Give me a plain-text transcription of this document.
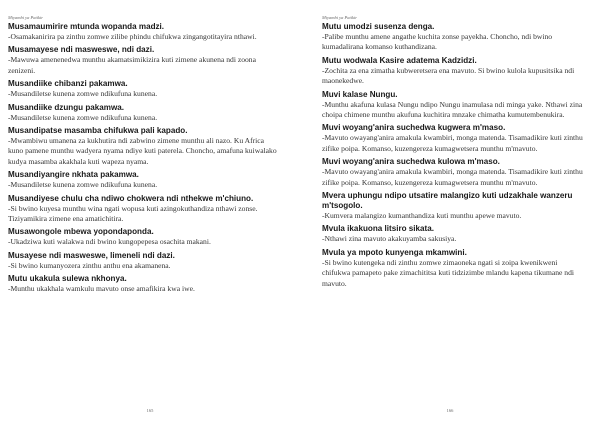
Miyambi ya Patikir
Musamaumirire mtunda wopanda madzi.
-Osamakanirira pa zinthu zomwe zilibe phindu chifukwa zingangotitayira nthawi.
Musamayese ndi masweswe, ndi dazi.
-Mawuwa amenenedwa munthu akamatsimikizira kuti zimene akunena ndi zoona zenizeni.
Musandiike chibanzi pakamwa.
-Musandiletse kunena zomwe ndikufuna kunena.
Musandiike dzungu pakamwa.
-Musandiletse kunena zomwe ndikufuna kunena.
Musandipatse masamba chifukwa pali kapado.
-Mwambiwu umanena za kukhutira ndi zabwino zimene munthu ali nazo. Ku Africa kuno pamene munthu wadyera nyama ndiye kuti paterela. Choncho, amafuna kuiwalako kudya masamba akakhala kuti wapeza nyama.
Musandiyangire nkhata pakamwa.
-Musandiletse kunena zomwe ndikufuna kunena.
Musandiyese chulu cha ndiwo chokwera ndi nthekwe m'chiuno.
-Si bwino kuyesa munthu wina ngati wopusa kuti azingokuthandiza nthawi zonse. Tiziyamikira zimene ena amatichitira.
Musawongole mbewa yopondaponda.
-Ukadziwa kuti walakwa ndi bwino kungopepesa osachita makani.
Musayese ndi masweswe, limeneli ndi dazi.
-Si bwino kumanyozera zinthu anthu ena akamanena.
Mutu ukakula sulewa nkhonya.
-Munthu ukakhala wamkulu mavuto onse amafikira kwa iwe.
165
Miyambi ya Patikir
Mutu umodzi susenza denga.
-Palibe munthu amene angathe kuchita zonse payekha. Choncho, ndi bwino kumadalirana komanso kuthandizana.
Mutu wodwala Kasire adatema Kadzidzi.
-Zochita za ena zimatha kubweretsera ena mavuto. Si bwino kulola kupusitsika ndi maonekedwe.
Muvi kalase Nungu.
-Munthu akafuna kulasa Nungu ndipo Nungu inamulasa ndi minga yake. Nthawi zina choipa chimene munthu akufuna kuchitira mnzake chimatha kumutembenukira.
Muvi woyang'anira suchedwa kugwera m'maso.
-Mavuto owayang'anira amakula kwambiri, monga matenda. Tisamadikire kuti zinthu zifike poipa. Komanso, kuzengereza kumagwetsera munthu m'mavuto.
Muvi woyang'anira suchedwa kulowa m'maso.
-Mavuto owayang'anira amakula kwambiri, monga matenda. Tisamadikire kuti zinthu zifike poipa. Komanso, kuzengereza kumagwetsera munthu m'mavuto.
Mvera uphungu ndipo utsatire malangizo kuti udzakhale wanzeru m'tsogolo.
-Kumvera malangizo kumanthandiza kuti munthu apewe mavuto.
Mvula ikakuona litsiro sikata.
-Nthawi zina mavuto akakuyamba sakusiya.
Mvula ya mpoto kunyenga mkamwini.
-Si bwino kutengeka ndi zinthu zomwe zimaoneka ngati si zoipa kwenikweni chifukwa pamapeto pake zimachititsa kuti tidzizimbe mlandu kapena tikumane ndi mavuto.
166
